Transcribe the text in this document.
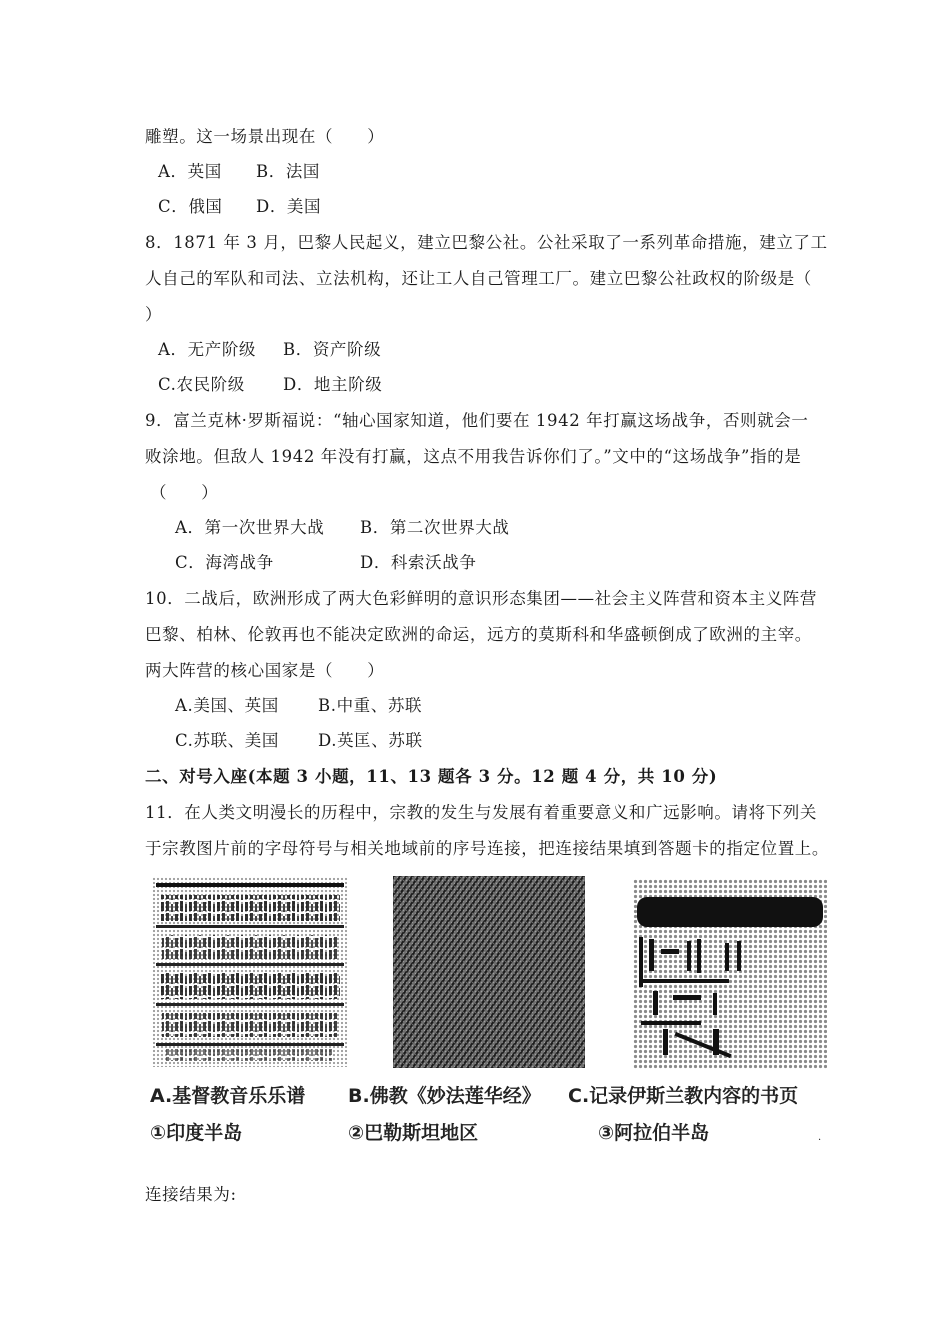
雕塑。这一场景出现在（　　）
A．英国 B．法国
C．俄国 D．美国
8．1871 年 3 月，巴黎人民起义，建立巴黎公社。公社采取了一系列革命措施，建立了工
人自己的军队和司法、立法机构，还让工人自己管理工厂。建立巴黎公社政权的阶级是（
）
A．无产阶级 B．资产阶级
C.农民阶级 D．地主阶级
9．富兰克林·罗斯福说：“轴心国家知道，他们要在 1942 年打赢这场战争，否则就会一
败涂地。但敌人 1942 年没有打赢，这点不用我告诉你们了。”文中的“这场战争”指的是
（　　）
A．第一次世界大战 B．第二次世界大战
C．海湾战争	D．科索沃战争
10．二战后，欧洲形成了两大色彩鲜明的意识形态集团——社会主义阵营和资本主义阵营
巴黎、柏林、伦敦再也不能决定欧洲的命运，远方的莫斯科和华盛顿倒成了欧洲的主宰。
两大阵营的核心国家是（　　）
A.美国、英国 B.中重、苏联
C.苏联、美国 D.英匡、苏联
二、对号入座(本题 3 小题，11、13 题各 3 分。12 题 4 分，共 10 分)
11．在人类文明漫长的历程中，宗教的发生与发展有着重要意义和广远影响。请将下列关
于宗教图片前的字母符号与相关地域前的序号连接，把连接结果填到答题卡的指定位置上。
A.基督教音乐乐谱 B.佛教《妙法莲华经》 C.记录伊斯兰教内容的书页
①印度半岛	②巴勒斯坦地区	③阿拉伯半岛	.
连接结果为:
